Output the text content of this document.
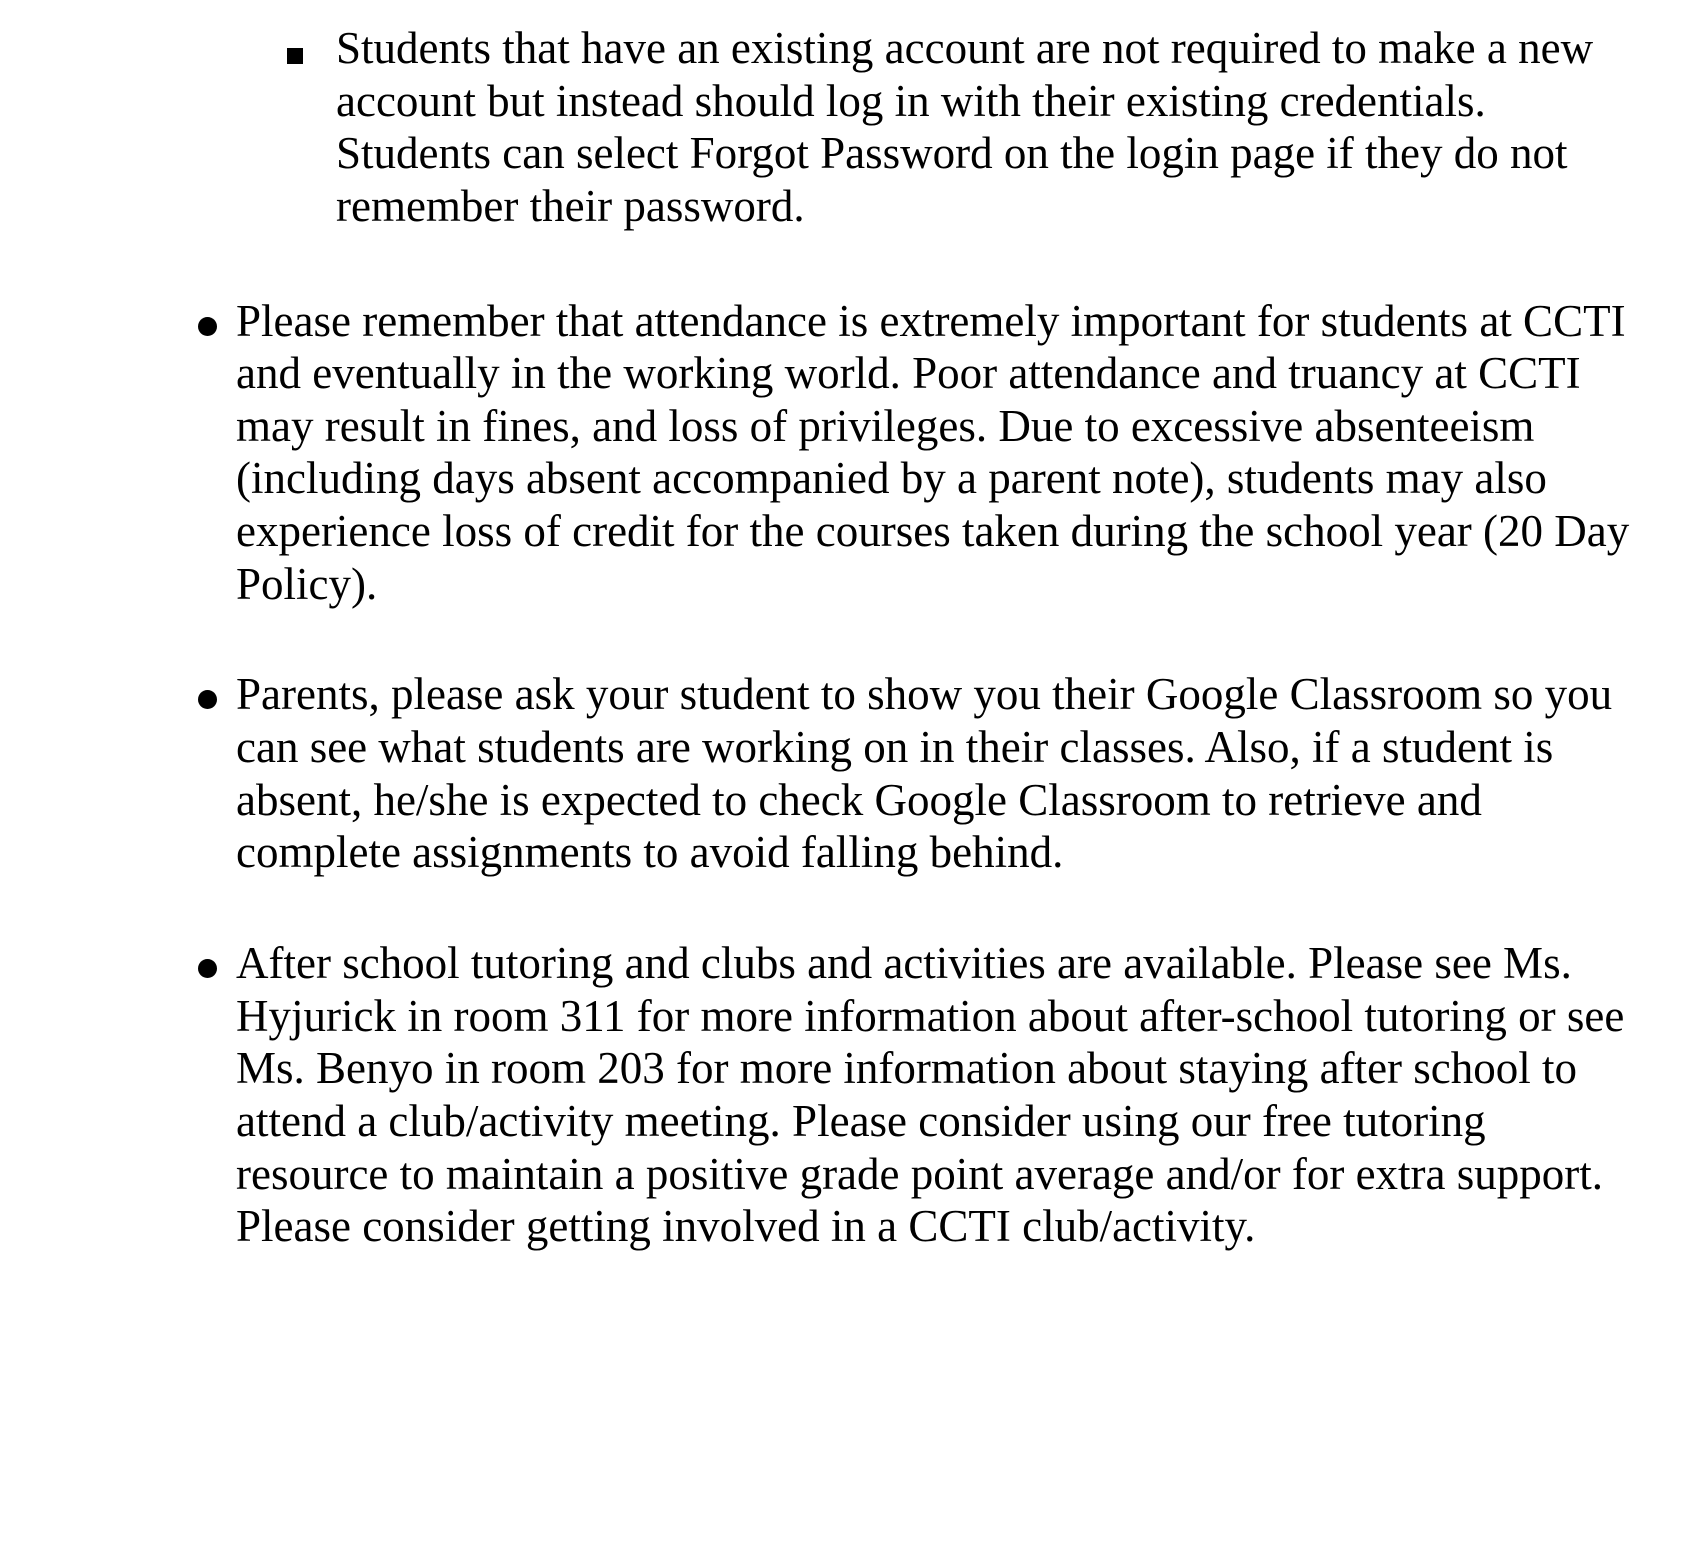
Students that have an existing account are not required to make a new account but instead should log in with their existing credentials. Students can select Forgot Password on the login page if they do not remember their password.
Please remember that attendance is extremely important for students at CCTI and eventually in the working world. Poor attendance and truancy at CCTI may result in fines, and loss of privileges. Due to excessive absenteeism (including days absent accompanied by a parent note), students may also experience loss of credit for the courses taken during the school year (20 Day Policy).
Parents, please ask your student to show you their Google Classroom so you can see what students are working on in their classes. Also, if a student is absent, he/she is expected to check Google Classroom to retrieve and complete assignments to avoid falling behind.
After school tutoring and clubs and activities are available. Please see Ms. Hyjurick in room 311 for more information about after-school tutoring or see Ms. Benyo in room 203 for more information about staying after school to attend a club/activity meeting. Please consider using our free tutoring resource to maintain a positive grade point average and/or for extra support. Please consider getting involved in a CCTI club/activity.
